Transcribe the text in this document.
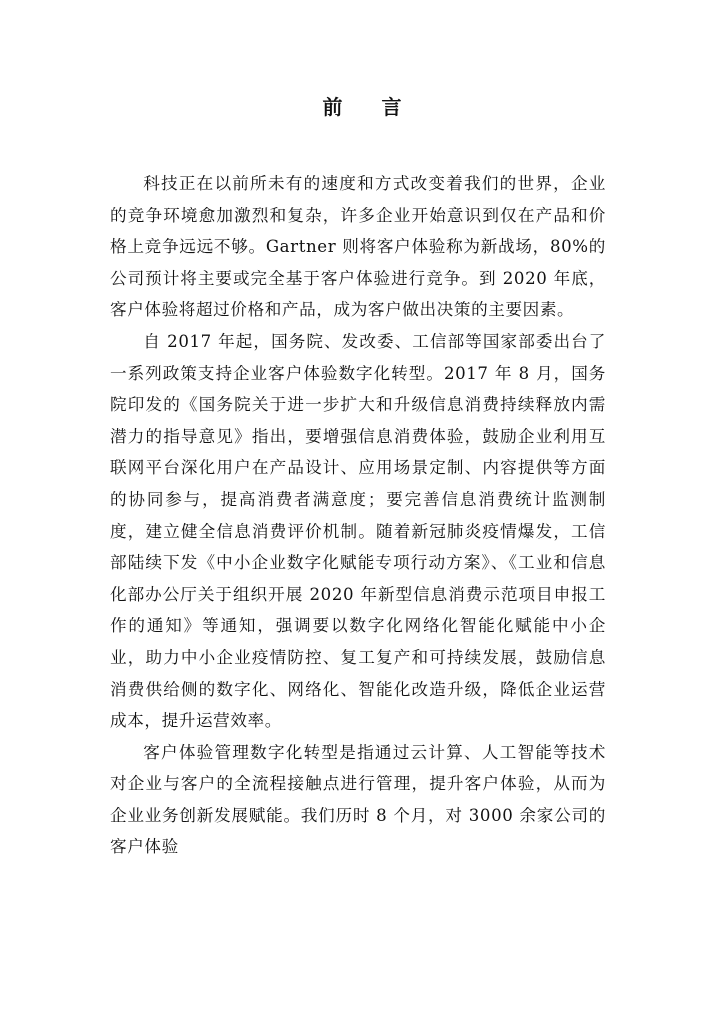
前 言

科技正在以前所未有的速度和方式改变着我们的世界，企业的竞争环境愈加激烈和复杂，许多企业开始意识到仅在产品和价格上竞争远远不够。Gartner 则将客户体验称为新战场，80%的公司预计将主要或完全基于客户体验进行竞争。到 2020 年底，客户体验将超过价格和产品，成为客户做出决策的主要因素。

自 2017 年起，国务院、发改委、工信部等国家部委出台了一系列政策支持企业客户体验数字化转型。2017 年 8 月，国务院印发的《国务院关于进一步扩大和升级信息消费持续释放内需潜力的指导意见》指出，要增强信息消费体验，鼓励企业利用互联网平台深化用户在产品设计、应用场景定制、内容提供等方面的协同参与，提高消费者满意度；要完善信息消费统计监测制度，建立健全信息消费评价机制。随着新冠肺炎疫情爆发，工信部陆续下发《中小企业数字化赋能专项行动方案》、《工业和信息化部办公厅关于组织开展 2020 年新型信息消费示范项目申报工作的通知》等通知，强调要以数字化网络化智能化赋能中小企业，助力中小企业疫情防控、复工复产和可持续发展，鼓励信息消费供给侧的数字化、网络化、智能化改造升级，降低企业运营成本，提升运营效率。

客户体验管理数字化转型是指通过云计算、人工智能等技术对企业与客户的全流程接触点进行管理，提升客户体验，从而为企业业务创新发展赋能。我们历时 8 个月，对 3000 余家公司的客户体验
